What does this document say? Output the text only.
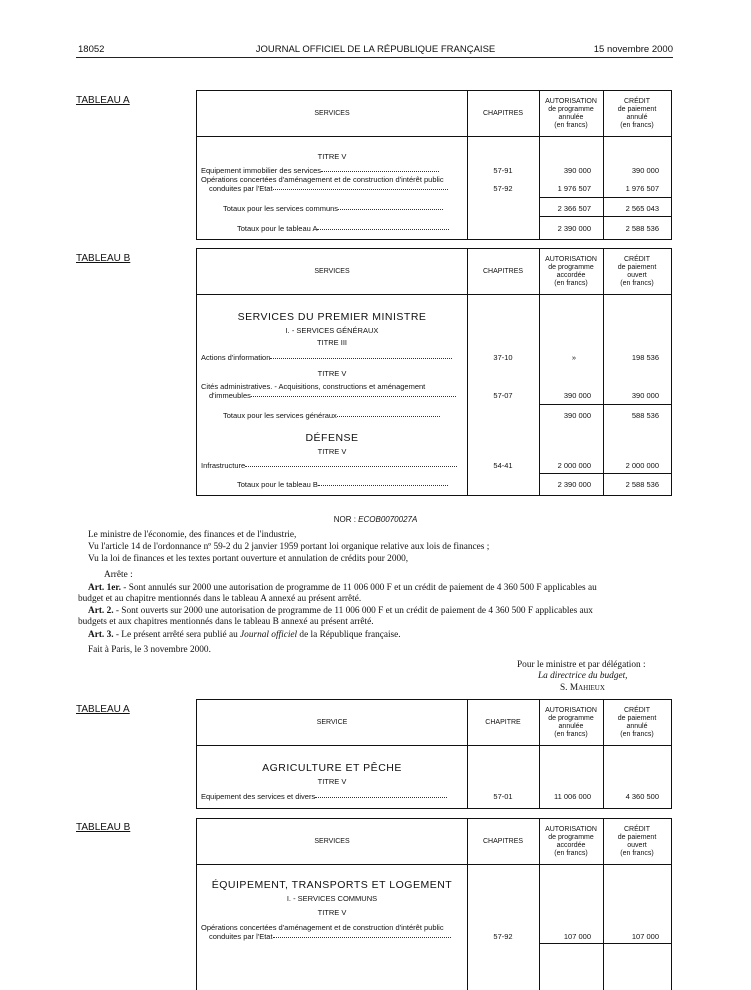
18052	JOURNAL OFFICIEL DE LA RÉPUBLIQUE FRANÇAISE	15 novembre 2000
TABLEAU A
SERVICES	CHAPITRES
AUTORISATION
de programme
annulée
(en francs)
CRÉDIT
de paiement
annulé
(en francs)
TITRE V
Equipement immobilier des services	57-91	390 000	390 000
Opérations concertées d'aménagement et de construction d'intérêt public
conduites par l'Etat	57-92	1 976 507	1 976 507
Totaux pour les services communs	2 366 507	2 565 043
Totaux pour le tableau A	2 390 000	2 588 536
TABLEAU B
SERVICES	CHAPITRES
AUTORISATION
de programme
accordée
(en francs)
CRÉDIT
de paiement
ouvert
(en francs)
SERVICES DU PREMIER MINISTRE
I. - SERVICES GÉNÉRAUX
TITRE III
Actions d'information	37-10	»	198 536
TITRE V
Cités administratives. - Acquisitions, constructions et aménagement
d'immeubles	57-07	390 000	390 000
Totaux pour les services généraux	390 000	588 536
DÉFENSE
TITRE V
Infrastructure	54-41	2 000 000	2 000 000
Totaux pour le tableau B	2 390 000	2 588 536
NOR : ECOB0070027A
Le ministre de l'économie, des finances et de l'industrie,
Vu l'article 14 de l'ordonnance nº 59-2 du 2 janvier 1959 portant loi organique relative aux lois de finances ;
Vu la loi de finances et les textes portant ouverture et annulation de crédits pour 2000,
Arrête :
Art. 1er. - Sont annulés sur 2000 une autorisation de programme de 11 006 000 F et un crédit de paiement de 4 360 500 F applicables au
budget et au chapitre mentionnés dans le tableau A annexé au présent arrêté.
Art. 2. - Sont ouverts sur 2000 une autorisation de programme de 11 006 000 F et un crédit de paiement de 4 360 500 F applicables aux
budgets et aux chapitres mentionnés dans le tableau B annexé au présent arrêté.
Art. 3. - Le présent arrêté sera publié au Journal officiel de la République française.
Fait à Paris, le 3 novembre 2000.
Pour le ministre et par délégation :
La directrice du budget,
S. Mahieux
TABLEAU A
SERVICE	CHAPITRE
AUTORISATION
de programme
annulée
(en francs)
CRÉDIT
de paiement
annulé
(en francs)
AGRICULTURE ET PÊCHE
TITRE V
Equipement des services et divers	57-01	11 006 000	4 360 500
TABLEAU B
SERVICES	CHAPITRES
AUTORISATION
de programme
accordée
(en francs)
CRÉDIT
de paiement
ouvert
(en francs)
ÉQUIPEMENT, TRANSPORTS ET LOGEMENT
I. - SERVICES COMMUNS
TITRE V
Opérations concertées d'aménagement et de construction d'intérêt public
conduites par l'Etat	57-92	107 000	107 000
